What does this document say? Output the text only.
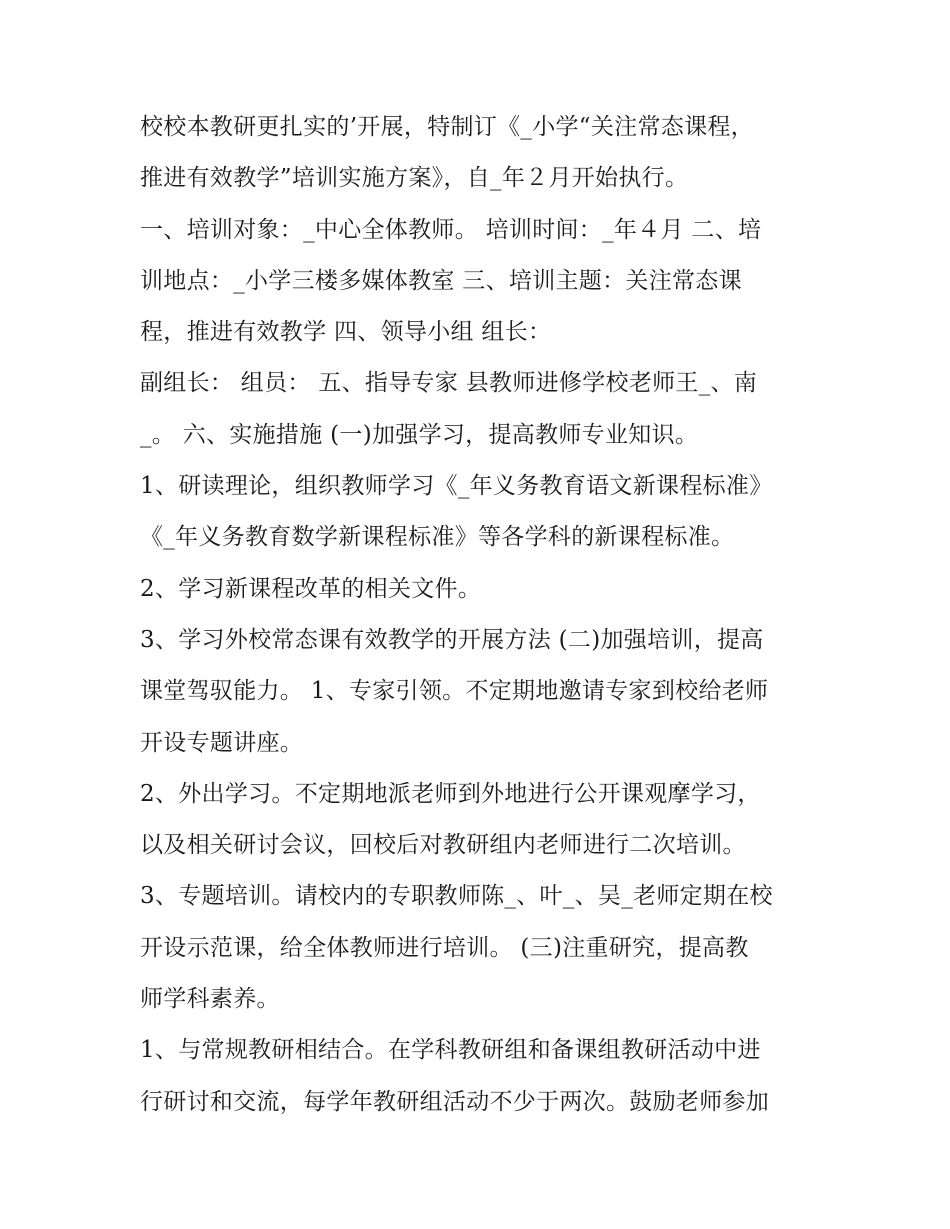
校校本教研更扎实的’开展，特制订《_小学“关注常态课程，
推进有效教学”培训实施方案》，自_年２月开始执行。
一、培训对象：_中心全体教师。 培训时间：_年４月 二、培
训地点：_小学三楼多媒体教室 三、培训主题：关注常态课
程，推进有效教学 四、领导小组 组长：
副组长： 组员： 五、指导专家 县教师进修学校老师王_、南
_。 六、实施措施 (一)加强学习，提高教师专业知识。
1、研读理论，组织教师学习《_年义务教育语文新课程标准》
《_年义务教育数学新课程标准》等各学科的新课程标准。
2、学习新课程改革的相关文件。
3、学习外校常态课有效教学的开展方法 (二)加强培训，提高
课堂驾驭能力。 1、专家引领。不定期地邀请专家到校给老师
开设专题讲座。
2、外出学习。不定期地派老师到外地进行公开课观摩学习，
以及相关研讨会议，回校后对教研组内老师进行二次培训。
3、专题培训。请校内的专职教师陈_、叶_、吴_老师定期在校
开设示范课，给全体教师进行培训。 (三)注重研究，提高教
师学科素养。
1、与常规教研相结合。在学科教研组和备课组教研活动中进
行研讨和交流，每学年教研组活动不少于两次。鼓励老师参加
